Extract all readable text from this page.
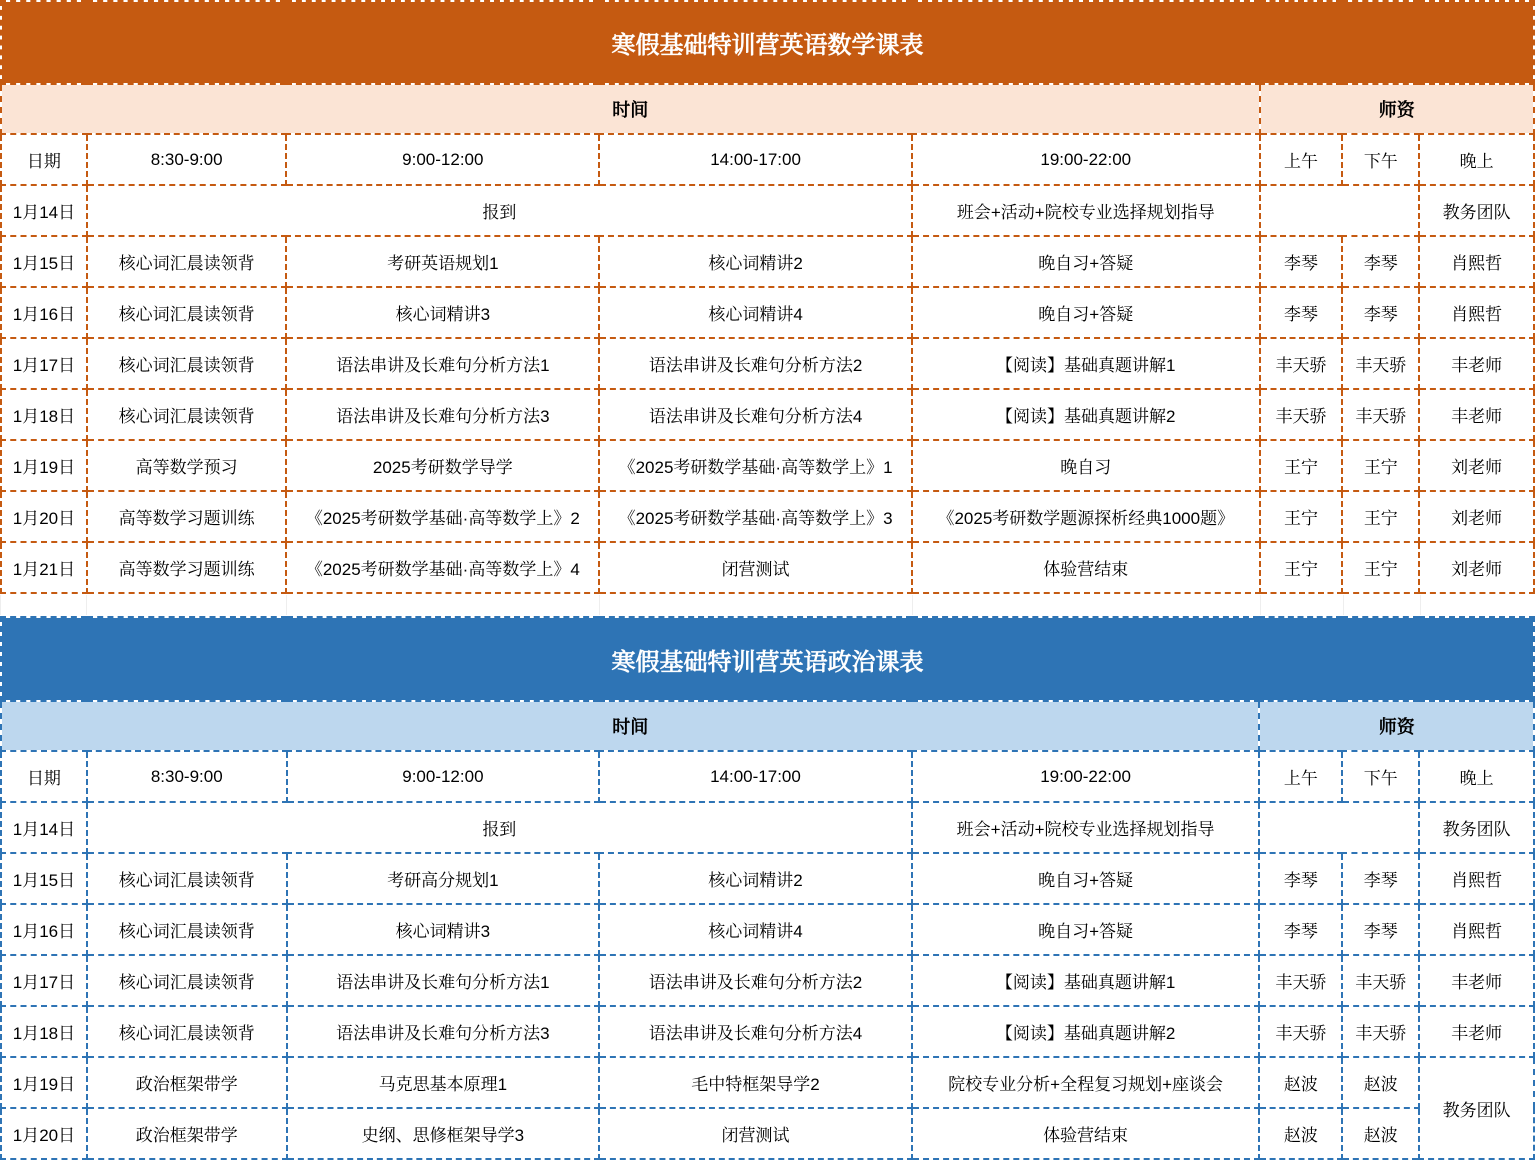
寒假基础特训营英语数学课表							
时间					师资		
日期	8:30-9:00	9:00-12:00	14:00-17:00	19:00-22:00	上午	下午	晚上
1月14日	报到			班会+活动+院校专业选择规划指导			教务团队
1月15日	核心词汇晨读领背	考研英语规划1	核心词精讲2	晚自习+答疑	李琴	李琴	肖熙哲
1月16日	核心词汇晨读领背	核心词精讲3	核心词精讲4	晚自习+答疑	李琴	李琴	肖熙哲
1月17日	核心词汇晨读领背	语法串讲及长难句分析方法1	语法串讲及长难句分析方法2	【阅读】基础真题讲解1	丰天骄	丰天骄	丰老师
1月18日	核心词汇晨读领背	语法串讲及长难句分析方法3	语法串讲及长难句分析方法4	【阅读】基础真题讲解2	丰天骄	丰天骄	丰老师
1月19日	高等数学预习	2025考研数学导学	《2025考研数学基础·高等数学上》1	晚自习	王宁	王宁	刘老师
1月20日	高等数学习题训练	《2025考研数学基础·高等数学上》2	《2025考研数学基础·高等数学上》3	《2025考研数学题源探析经典1000题》	王宁	王宁	刘老师
1月21日	高等数学习题训练	《2025考研数学基础·高等数学上》4	闭营测试	体验营结束	王宁	王宁	刘老师

寒假基础特训营英语政治课表							
时间					师资		
日期	8:30-9:00	9:00-12:00	14:00-17:00	19:00-22:00	上午	下午	晚上
1月14日	报到			班会+活动+院校专业选择规划指导			教务团队
1月15日	核心词汇晨读领背	考研高分规划1	核心词精讲2	晚自习+答疑	李琴	李琴	肖熙哲
1月16日	核心词汇晨读领背	核心词精讲3	核心词精讲4	晚自习+答疑	李琴	李琴	肖熙哲
1月17日	核心词汇晨读领背	语法串讲及长难句分析方法1	语法串讲及长难句分析方法2	【阅读】基础真题讲解1	丰天骄	丰天骄	丰老师
1月18日	核心词汇晨读领背	语法串讲及长难句分析方法3	语法串讲及长难句分析方法4	【阅读】基础真题讲解2	丰天骄	丰天骄	丰老师
1月19日	政治框架带学	马克思基本原理1	毛中特框架导学2	院校专业分析+全程复习规划+座谈会	赵波	赵波	教务团队
1月20日	政治框架带学	史纲、思修框架导学3	闭营测试	体验营结束	赵波	赵波	
